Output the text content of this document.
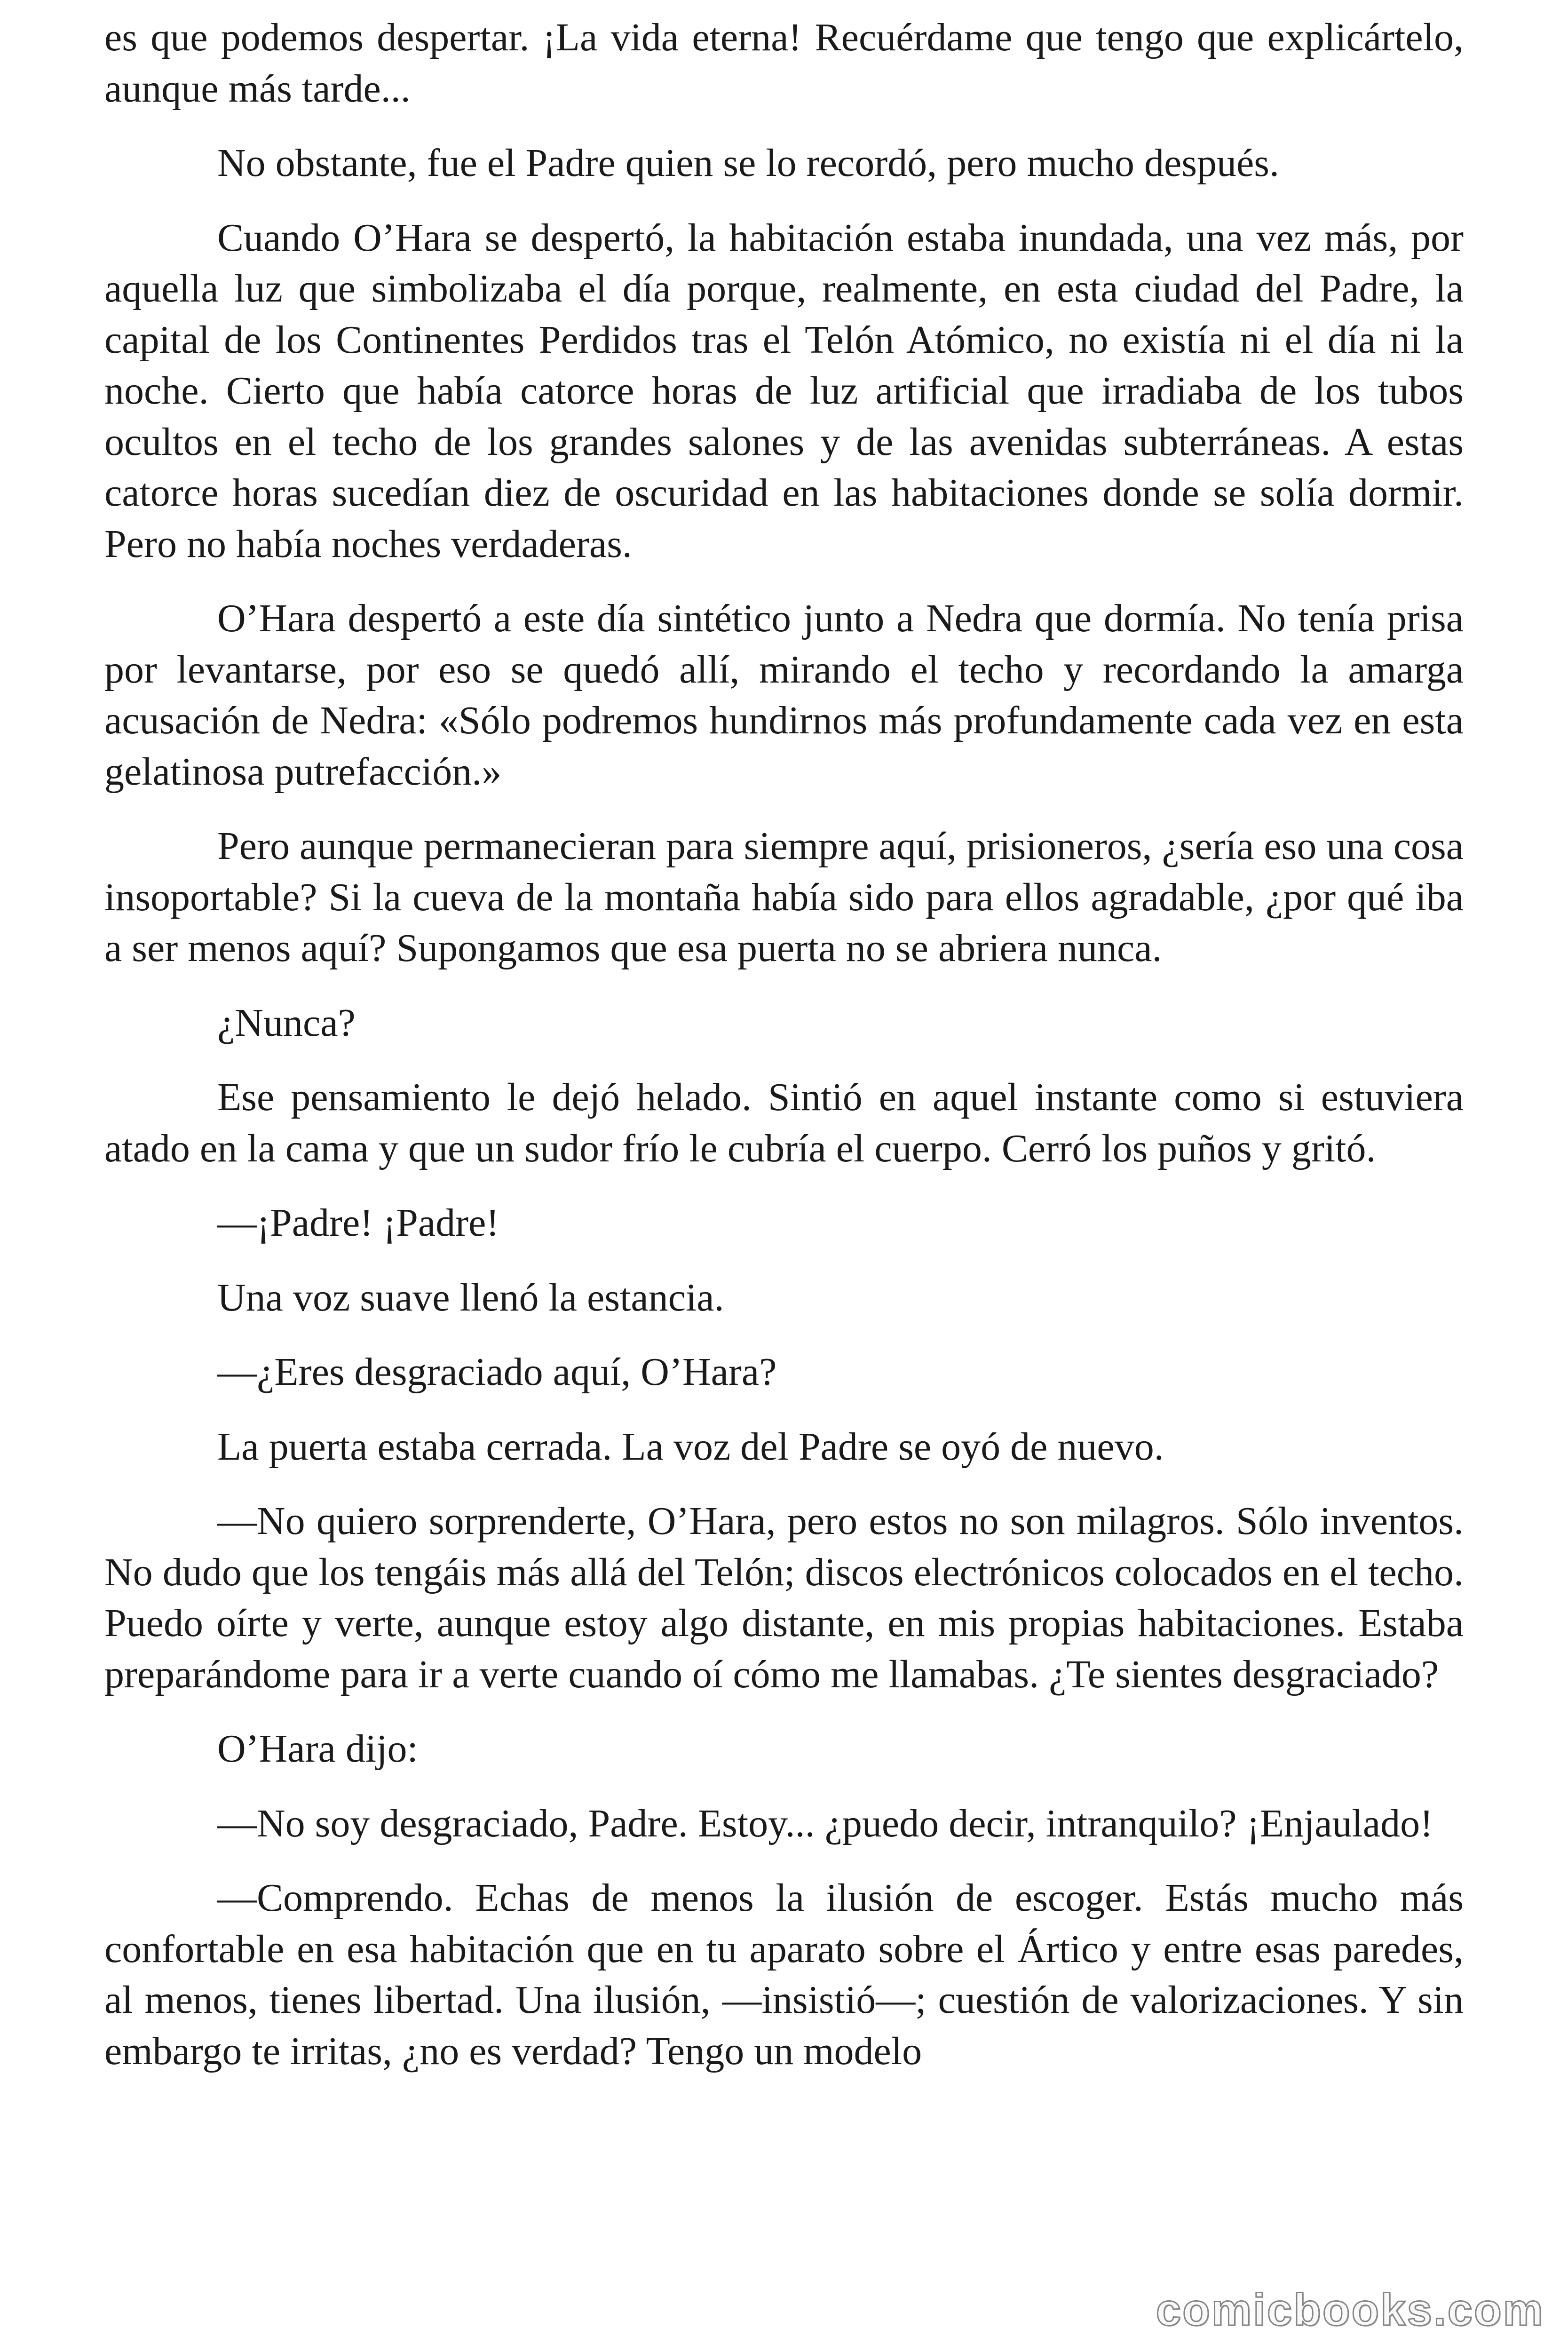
es que podemos despertar. ¡La vida eterna! Recuérdame que tengo que explicártelo, aunque más tarde...

No obstante, fue el Padre quien se lo recordó, pero mucho después.

Cuando O’Hara se despertó, la habitación estaba inundada, una vez más, por aquella luz que simbolizaba el día porque, realmente, en esta ciudad del Padre, la capital de los Continentes Perdidos tras el Telón Atómico, no existía ni el día ni la noche. Cierto que había catorce horas de luz artificial que irradiaba de los tubos ocultos en el techo de los grandes salones y de las avenidas subterráneas. A estas catorce horas sucedían diez de oscuridad en las habitaciones donde se solía dormir. Pero no había noches verdaderas.

O’Hara despertó a este día sintético junto a Nedra que dormía. No tenía prisa por levantarse, por eso se quedó allí, mirando el techo y recordando la amarga acusación de Nedra: «Sólo podremos hundirnos más profundamente cada vez en esta gelatinosa putrefacción.»

Pero aunque permanecieran para siempre aquí, prisioneros, ¿sería eso una cosa insoportable? Si la cueva de la montaña había sido para ellos agradable, ¿por qué iba a ser menos aquí? Supongamos que esa puerta no se abriera nunca.

¿Nunca?

Ese pensamiento le dejó helado. Sintió en aquel instante como si estuviera atado en la cama y que un sudor frío le cubría el cuerpo. Cerró los puños y gritó.

—¡Padre! ¡Padre!

Una voz suave llenó la estancia.

—¿Eres desgraciado aquí, O’Hara?

La puerta estaba cerrada. La voz del Padre se oyó de nuevo.

—No quiero sorprenderte, O’Hara, pero estos no son milagros. Sólo inventos. No dudo que los tengáis más allá del Telón; discos electrónicos colocados en el techo. Puedo oírte y verte, aunque estoy algo distante, en mis propias habitaciones. Estaba preparándome para ir a verte cuando oí cómo me llamabas. ¿Te sientes desgraciado?

O’Hara dijo:

—No soy desgraciado, Padre. Estoy... ¿puedo decir, intranquilo? ¡Enjaulado!

—Comprendo. Echas de menos la ilusión de escoger. Estás mucho más confortable en esa habitación que en tu aparato sobre el Ártico y entre esas paredes, al menos, tienes libertad. Una ilusión, —insistió—; cuestión de valorizaciones. Y sin embargo te irritas, ¿no es verdad? Tengo un modelo

comicbooks.com
